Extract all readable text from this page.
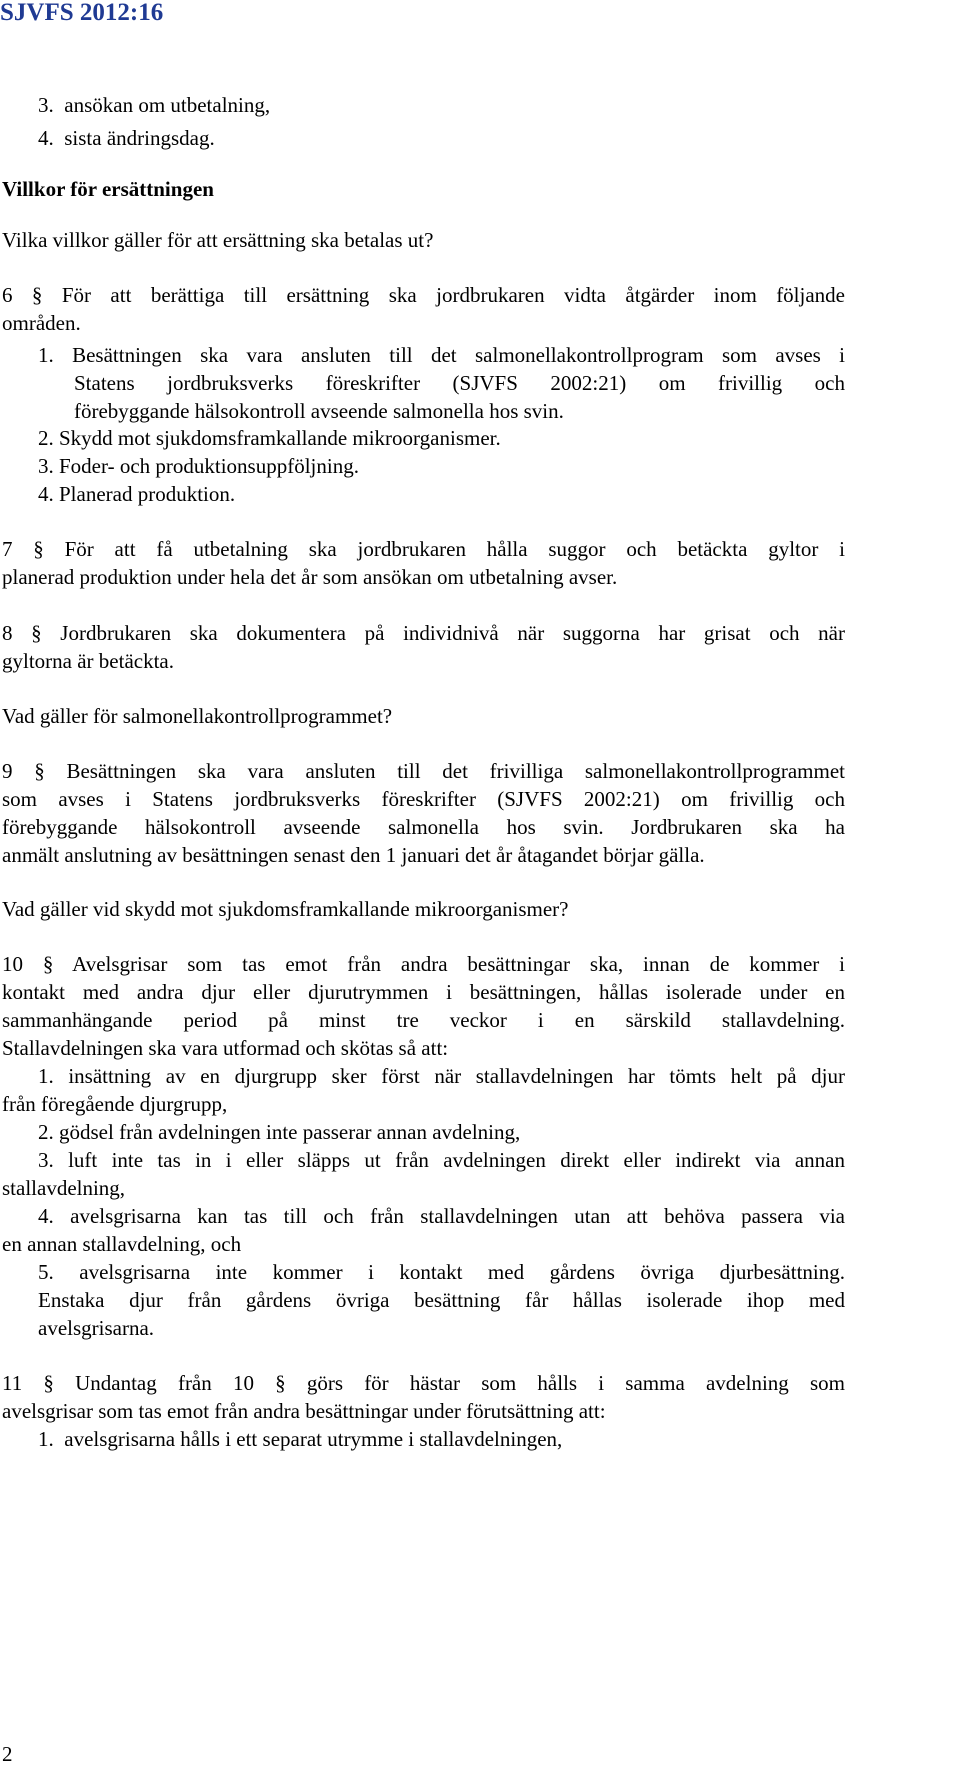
SJVFS 2012:16
3. ansökan om utbetalning,
4. sista ändringsdag.
Villkor för ersättningen
Vilka villkor gäller för att ersättning ska betalas ut?
6 § För att berättiga till ersättning ska jordbrukaren vidta åtgärder inom följande
områden.
1. Besättningen ska vara ansluten till det salmonellakontrollprogram som avses i
Statens jordbruksverks föreskrifter (SJVFS 2002:21) om frivillig och
förebyggande hälsokontroll avseende salmonella hos svin.
2. Skydd mot sjukdomsframkallande mikroorganismer.
3. Foder- och produktionsuppföljning.
4. Planerad produktion.
7 § För att få utbetalning ska jordbrukaren hålla suggor och betäckta gyltor i
planerad produktion under hela det år som ansökan om utbetalning avser.
8 § Jordbrukaren ska dokumentera på individnivå när suggorna har grisat och när
gyltorna är betäckta.
Vad gäller för salmonellakontrollprogrammet?
9 § Besättningen ska vara ansluten till det frivilliga salmonellakontrollprogrammet
som avses i Statens jordbruksverks föreskrifter (SJVFS 2002:21) om frivillig och
förebyggande hälsokontroll avseende salmonella hos svin. Jordbrukaren ska ha
anmält anslutning av besättningen senast den 1 januari det år åtagandet börjar gälla.
Vad gäller vid skydd mot sjukdomsframkallande mikroorganismer?
10 § Avelsgrisar som tas emot från andra besättningar ska, innan de kommer i
kontakt med andra djur eller djurutrymmen i besättningen, hållas isolerade under en
sammanhängande period på minst tre veckor i en särskild stallavdelning.
Stallavdelningen ska vara utformad och skötas så att:
1. insättning av en djurgrupp sker först när stallavdelningen har tömts helt på djur
från föregående djurgrupp,
2. gödsel från avdelningen inte passerar annan avdelning,
3. luft inte tas in i eller släpps ut från avdelningen direkt eller indirekt via annan
stallavdelning,
4. avelsgrisarna kan tas till och från stallavdelningen utan att behöva passera via
en annan stallavdelning, och
5. avelsgrisarna inte kommer i kontakt med gårdens övriga djurbesättning.
Enstaka djur från gårdens övriga besättning får hållas isolerade ihop med
avelsgrisarna.
11 § Undantag från 10 § görs för hästar som hålls i samma avdelning som
avelsgrisar som tas emot från andra besättningar under förutsättning att:
1. avelsgrisarna hålls i ett separat utrymme i stallavdelningen,
2
